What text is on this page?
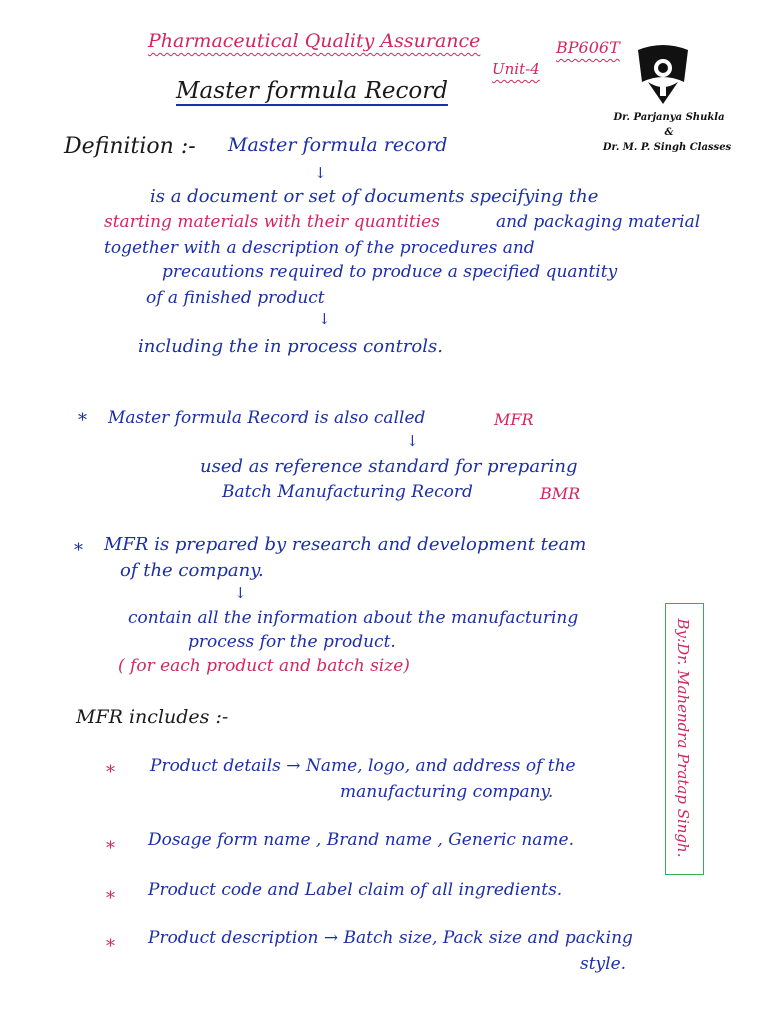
Pharmaceutical Quality Assurance	BP606T
Unit-4
Master formula Record
Dr. Parjanya Shukla
&
Dr. M. P. Singh Classes
Definition :- Master formula record
↓
is a document or set of documents specifying the
starting materials with their quantities	and packaging material
together with a description of the procedures and
precautions required to produce a specified quantity
of a finished product
↓
including the in process controls.
* Master formula Record is also called	MFR
↓
used as reference standard for preparing
Batch Manufacturing Record	BMR
* MFR is prepared by research and development team
of the company.
↓
contain all the information about the manufacturing
process for the product.
( for each product and batch size)	By:Dr. Mahendra Pratap Singh.
MFR includes :-
* Product details → Name, logo, and address of the
manufacturing company.
* Dosage form name , Brand name , Generic name.
* Product code and Label claim of all ingredients.
* Product description → Batch size, Pack size and packing
style.
